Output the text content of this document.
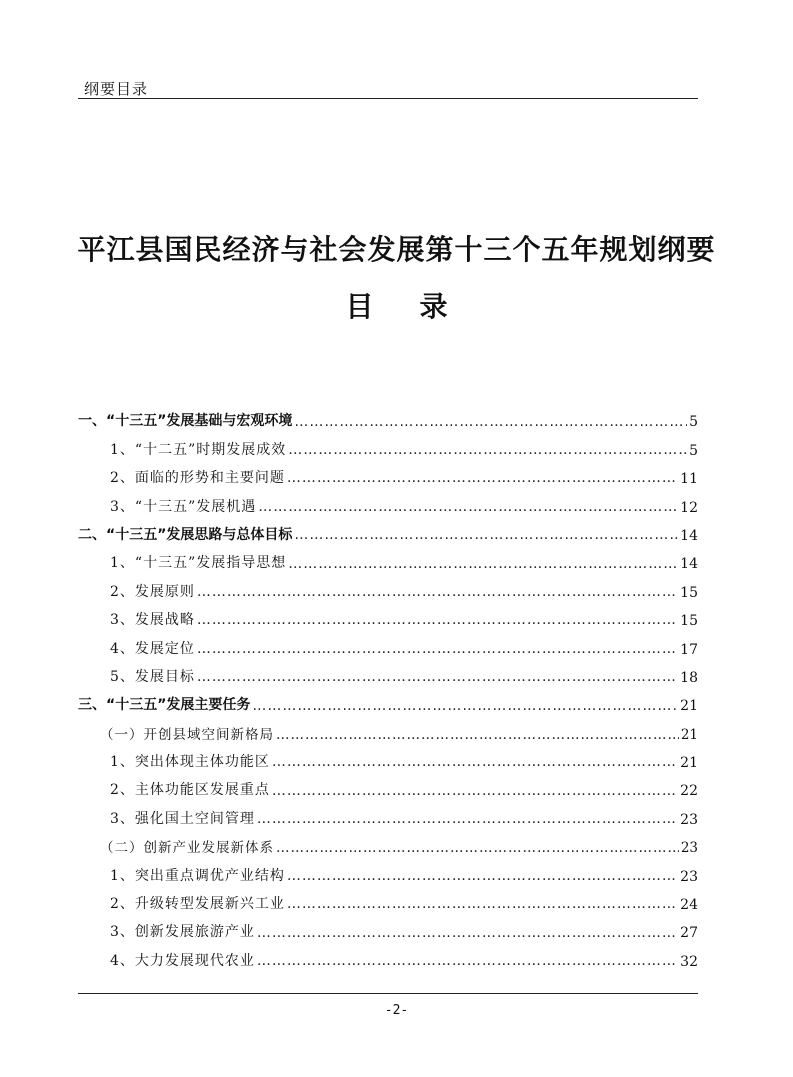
纲要目录
平江县国民经济与社会发展第十三个五年规划纲要
目录
一、“十三五”发展基础与宏观环境 ……………………………………………………………………………………………………………………………………………………………………………………	5
1、“十二五”时期发展成效 ……………………………………………………………………………………………………………………………………………………………………………………	5
2、面临的形势和主要问题 ……………………………………………………………………………………………………………………………………………………………………………………	11
3、“十三五”发展机遇 ……………………………………………………………………………………………………………………………………………………………………………………	12
二、“十三五”发展思路与总体目标 ……………………………………………………………………………………………………………………………………………………………………………………	14
1、“十三五”发展指导思想 ……………………………………………………………………………………………………………………………………………………………………………………	14
2、发展原则 ……………………………………………………………………………………………………………………………………………………………………………………	15
3、发展战略 ……………………………………………………………………………………………………………………………………………………………………………………	15
4、发展定位 ……………………………………………………………………………………………………………………………………………………………………………………	17
5、发展目标 ……………………………………………………………………………………………………………………………………………………………………………………	18
三、“十三五”发展主要任务 ……………………………………………………………………………………………………………………………………………………………………………………	21
（一）开创县域空间新格局 ……………………………………………………………………………………………………………………………………………………………………………………	21
1、突出体现主体功能区 ……………………………………………………………………………………………………………………………………………………………………………………	21
2、主体功能区发展重点 ……………………………………………………………………………………………………………………………………………………………………………………	22
3、强化国土空间管理 ……………………………………………………………………………………………………………………………………………………………………………………	23
（二）创新产业发展新体系 ……………………………………………………………………………………………………………………………………………………………………………………	23
1、突出重点调优产业结构 ……………………………………………………………………………………………………………………………………………………………………………………	23
2、升级转型发展新兴工业 ……………………………………………………………………………………………………………………………………………………………………………………	24
3、创新发展旅游产业 ……………………………………………………………………………………………………………………………………………………………………………………	27
4、大力发展现代农业 ……………………………………………………………………………………………………………………………………………………………………………………	32
-2-
